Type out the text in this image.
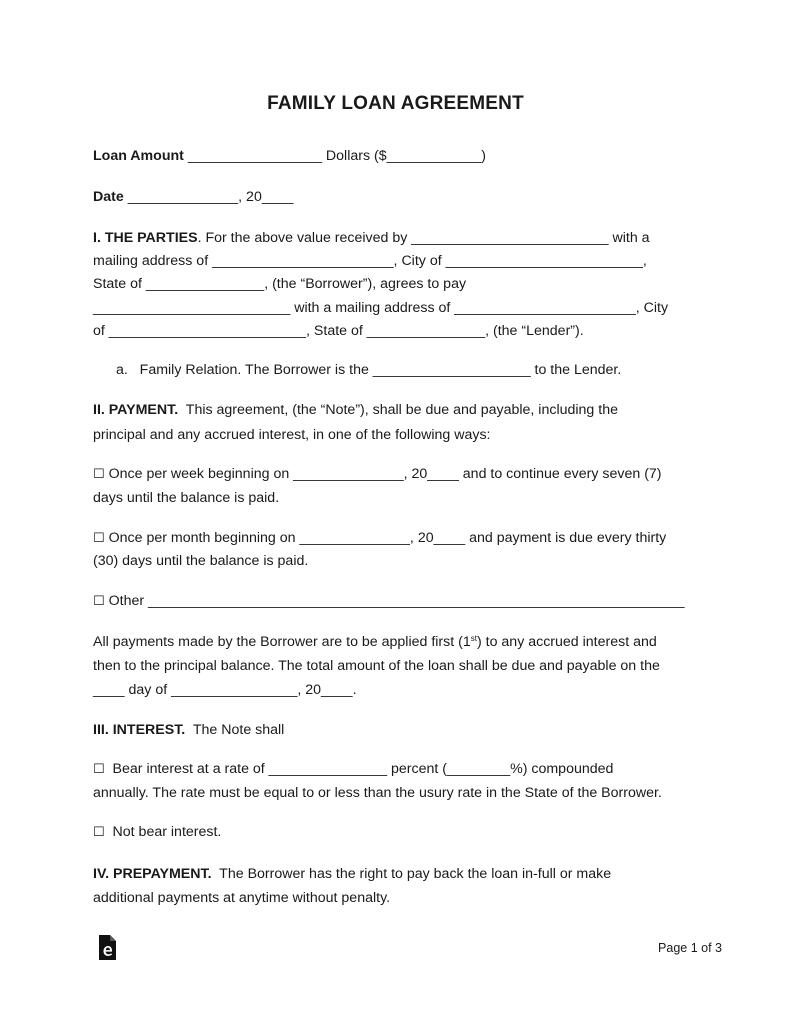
FAMILY LOAN AGREEMENT

Loan Amount _________________ Dollars ($____________)

Date ______________, 20____

I. THE PARTIES. For the above value received by _________________________ with a

mailing address of _______________________, City of _________________________,

State of _______________, (the “Borrower”), agrees to pay

_________________________ with a mailing address of _______________________, City

of _________________________, State of _______________, (the “Lender”).

a.   Family Relation. The Borrower is the ____________________ to the Lender.

II. PAYMENT.  This agreement, (the “Note”), shall be due and payable, including the

principal and any accrued interest, in one of the following ways:

☐ Once per week beginning on ______________, 20____ and to continue every seven (7)

days until the balance is paid.

☐ Once per month beginning on ______________, 20____ and payment is due every thirty

(30) days until the balance is paid.

☐ Other ____________________________________________________________________

All payments made by the Borrower are to be applied first (1st) to any accrued interest and

then to the principal balance. The total amount of the loan shall be due and payable on the

____ day of ________________, 20____.

III. INTEREST.  The Note shall

☐  Bear interest at a rate of _______________ percent (________%) compounded

annually. The rate must be equal to or less than the usury rate in the State of the Borrower.

☐  Not bear interest.

IV. PREPAYMENT.  The Borrower has the right to pay back the loan in-full or make

additional payments at anytime without penalty.

Page 1 of 3
